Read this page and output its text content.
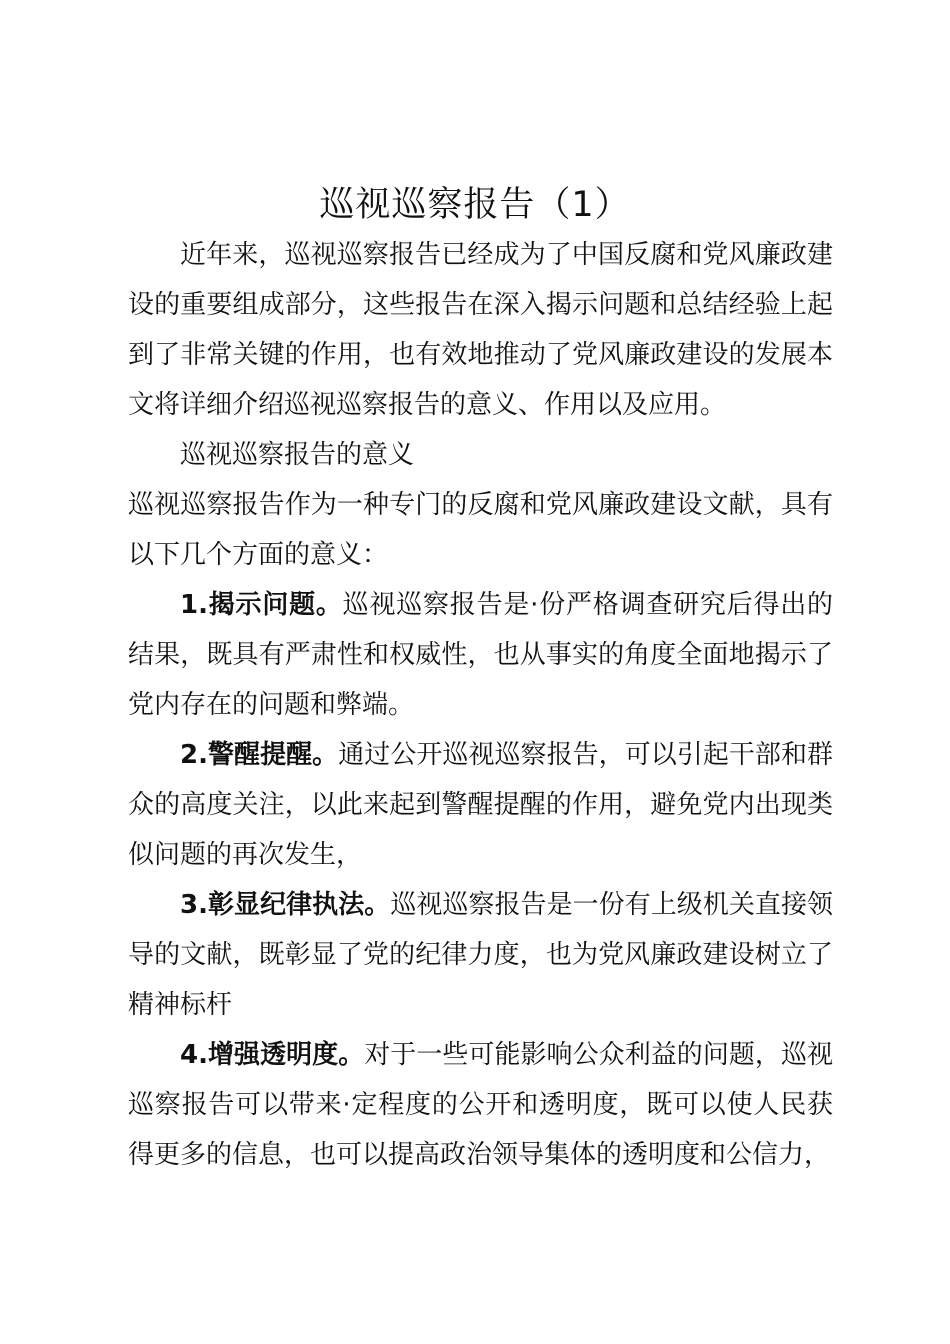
巡视巡察报告（1）

近年来，巡视巡察报告已经成为了中国反腐和党风廉政建设的重要组成部分，这些报告在深入揭示问题和总结经验上起到了非常关键的作用，也有效地推动了党风廉政建设的发展本文将详细介绍巡视巡察报告的意义、作用以及应用。

巡视巡察报告的意义

巡视巡察报告作为一种专门的反腐和党风廉政建设文献，具有以下几个方面的意义：

1.揭示问题。巡视巡察报告是·份严格调查研究后得出的结果，既具有严肃性和权威性，也从事实的角度全面地揭示了党内存在的问题和弊端。

2.警醒提醒。通过公开巡视巡察报告，可以引起干部和群众的高度关注，以此来起到警醒提醒的作用，避免党内出现类似问题的再次发生，

3.彰显纪律执法。巡视巡察报告是一份有上级机关直接领导的文献，既彰显了党的纪律力度，也为党风廉政建设树立了精神标杆

4.增强透明度。对于一些可能影响公众利益的问题，巡视巡察报告可以带来·定程度的公开和透明度，既可以使人民获得更多的信息，也可以提高政治领导集体的透明度和公信力，
